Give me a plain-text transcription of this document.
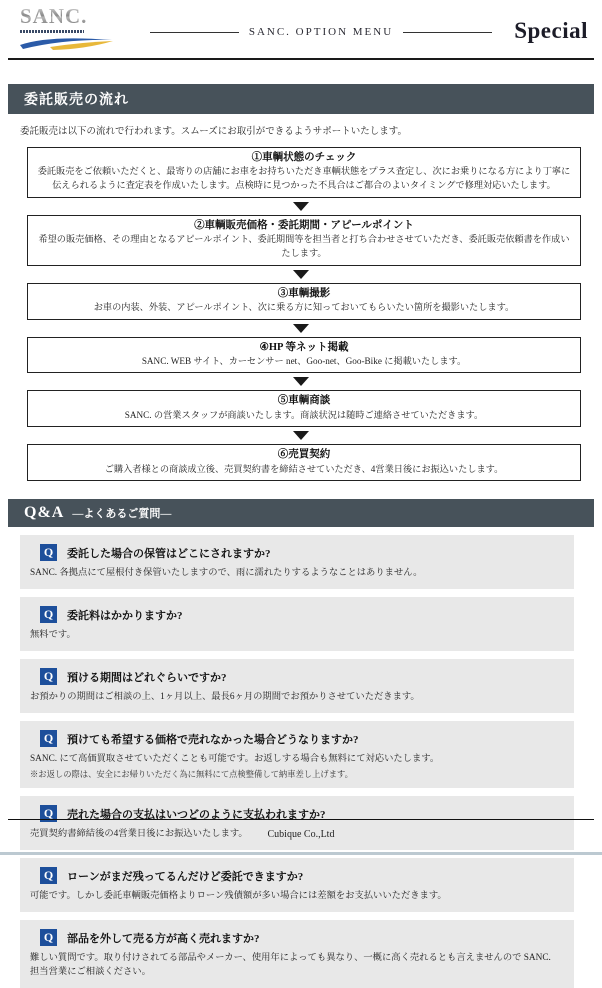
SANC.
SANC. OPTION MENU	Special
委託販売の流れ
委託販売は以下の流れで行われます。スムーズにお取引ができるようサポートいたします。
①車輌状態のチェック
委託販売をご依頼いただくと、最寄りの店舗にお車をお持ちいただき車輌状態をプラス査定し、次にお乗りになる方により丁寧に伝えられるように査定表を作成いたします。点検時に見つかった不具合はご都合のよいタイミングで修理対応いたします。
②車輌販売価格・委託期間・アピールポイント
希望の販売価格、その理由となるアピールポイント、委託期間等を担当者と打ち合わせさせていただき、委託販売依頼書を作成いたします。
③車輌撮影
お車の内装、外装、アピールポイント、次に乗る方に知っておいてもらいたい箇所を撮影いたします。
④HP 等ネット掲載
SANC. WEB サイト、カーセンサー net、Goo-net、Goo-Bike に掲載いたします。
⑤車輌商談
SANC. の営業スタッフが商談いたします。商談状況は随時ご連絡させていただきます。
⑥売買契約
ご購入者様との商談成立後、売買契約書を締結させていただき、4営業日後にお振込いたします。
Q&A —よくあるご質問—
Q	委託した場合の保管はどこにされますか?
SANC. 各拠点にて屋根付き保管いたしますので、雨に濡れたりするようなことはありません。
Q	委託料はかかりますか?
無料です。
Q	預ける期間はどれぐらいですか?
お預かりの期間はご相談の上、1ヶ月以上、最長6ヶ月の期間でお預かりさせていただきます。
Q	預けても希望する価格で売れなかった場合どうなりますか?
SANC. にて高価買取させていただくことも可能です。お返しする場合も無料にて対応いたします。
※お返しの際は、安全にお帰りいただく為に無料にて点検整備して納車差し上げます。
Q	売れた場合の支払はいつどのように支払われますか?
売買契約書締結後の4営業日後にお振込いたします。
Q	ローンがまだ残ってるんだけど委託できますか?
可能です。しかし委託車輌販売価格よりローン残債額が多い場合には差額をお支払いいただきます。
Q	部品を外して売る方が高く売れますか?
難しい質問です。取り付けされてる部品やメーカー、使用年によっても異なり、一概に高く売れるとも言えませんので SANC. 担当営業にご相談ください。
Cubique Co.,Ltd
